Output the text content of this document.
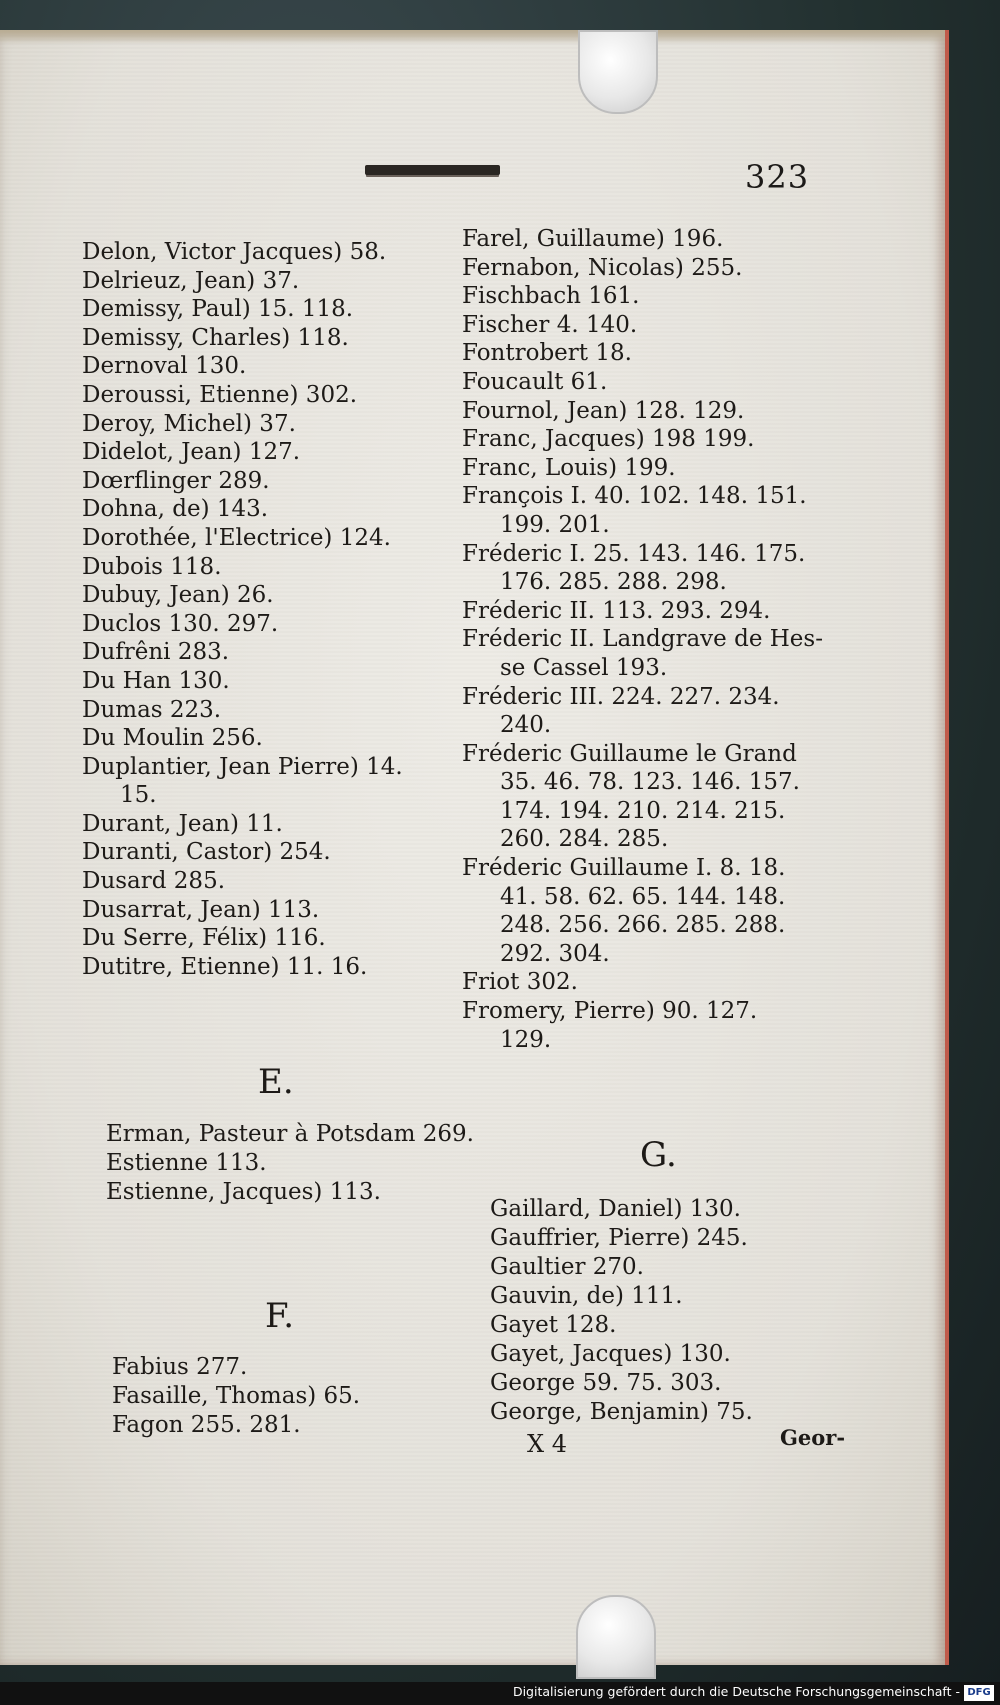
323
Delon, Victor Jacques) 58.
Delrieuz, Jean) 37.
Demissy, Paul) 15. 118.
Demissy, Charles) 118.
Dernoval 130.
Deroussi, Etienne) 302.
Deroy, Michel) 37.
Didelot, Jean) 127.
Dœrflinger 289.
Dohna, de) 143.
Dorothée, l'Electrice) 124.
Dubois 118.
Dubuy, Jean) 26.
Duclos 130. 297.
Dufrêni 283.
Du Han 130.
Dumas 223.
Du Moulin 256.
Duplantier, Jean Pierre) 14.
15.
Durant, Jean) 11.
Duranti, Castor) 254.
Dusard 285.
Dusarrat, Jean) 113.
Du Serre, Félix) 116.
Dutitre, Etienne) 11. 16.
Farel, Guillaume) 196.
Fernabon, Nicolas) 255.
Fischbach 161.
Fischer 4. 140.
Fontrobert 18.
Foucault 61.
Fournol, Jean) 128. 129.
Franc, Jacques) 198 199.
Franc, Louis) 199.
François I. 40. 102. 148. 151.
199. 201.
Fréderic I. 25. 143. 146. 175.
176. 285. 288. 298.
Fréderic II. 113. 293. 294.
Fréderic II. Landgrave de Hes-
se Cassel 193.
Fréderic III. 224. 227. 234.
240.
Fréderic Guillaume le Grand
35. 46. 78. 123. 146. 157.
174. 194. 210. 214. 215.
260. 284. 285.
Fréderic Guillaume I. 8. 18.
41. 58. 62. 65. 144. 148.
248. 256. 266. 285. 288.
292. 304.
Friot 302.
Fromery, Pierre) 90. 127.
129.
E.
Erman, Pasteur à Potsdam 269.
Estienne 113.
Estienne, Jacques) 113.
F.
Fabius 277.
Fasaille, Thomas) 65.
Fagon 255. 281.
G.
Gaillard, Daniel) 130.
Gauffrier, Pierre) 245.
Gaultier 270.
Gauvin, de) 111.
Gayet 128.
Gayet, Jacques) 130.
George 59. 75. 303.
George, Benjamin) 75.
X 4	Geor-
Digitalisierung gefördert durch die Deutsche Forschungsgemeinschaft - DFG
